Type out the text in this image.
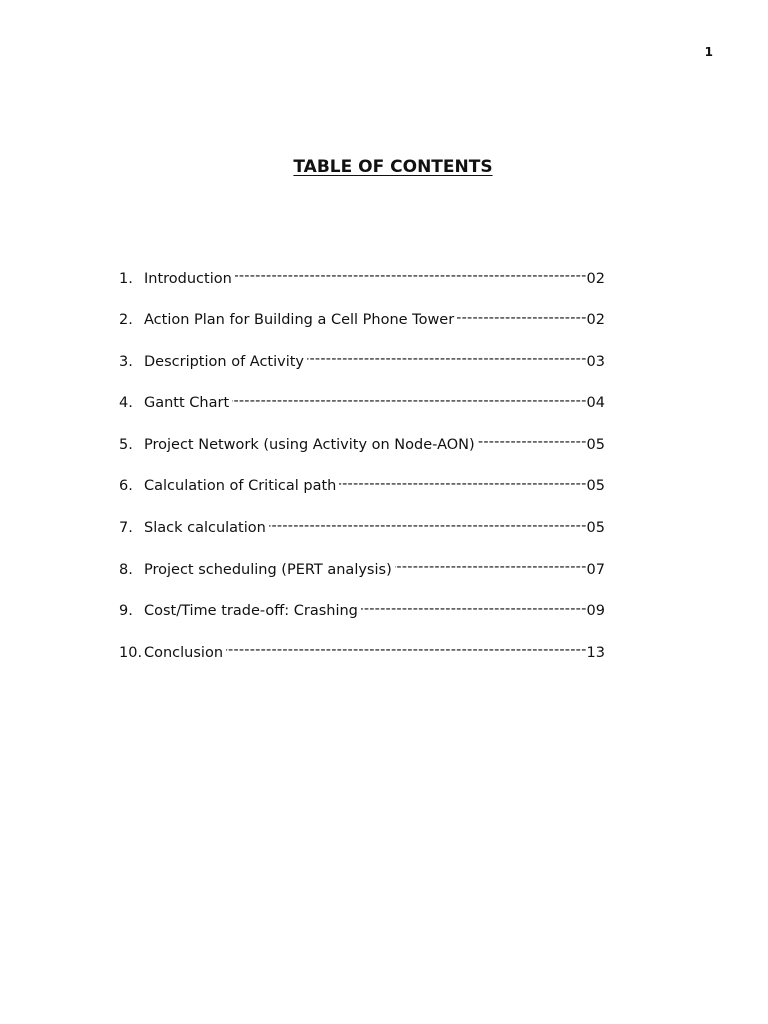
1
TABLE OF CONTENTS
1. Introduction -----	02
2. Action Plan for Building a Cell Phone Tower -----	02
3. Description of Activity -----	03
4. Gantt Chart -----	04
5. Project Network (using Activity on Node-AON) -----	05
6. Calculation of Critical path -----	05
7. Slack calculation -----	05
8. Project scheduling (PERT analysis) -----	07
9. Cost/Time trade-off: Crashing -----	09
10. Conclusion -----	13
